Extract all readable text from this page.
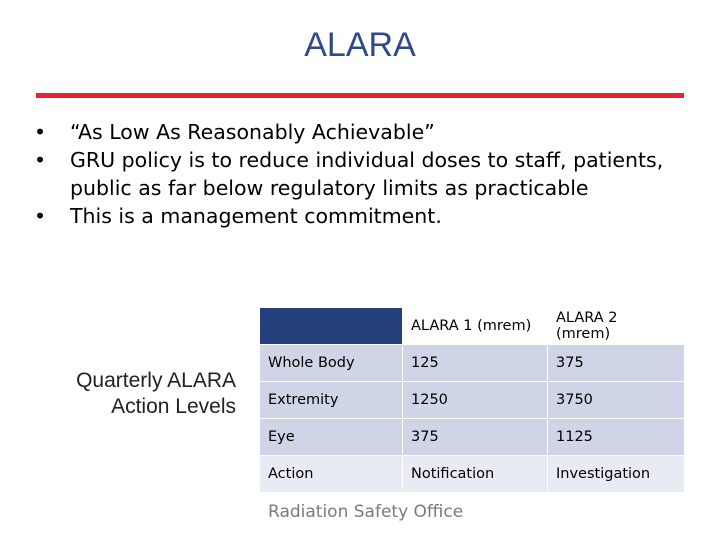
ALARA
•	“As Low As Reasonably Achievable”
•	GRU policy is to reduce individual doses to staff, patients, public as far below regulatory limits as practicable
•	This is a management commitment.
Quarterly ALARA
Action Levels
	ALARA 1 (mrem)	ALARA 2 (mrem)
Whole Body	125	375
Extremity	1250	3750
Eye	375	1125
Action	Notification	Investigation
Radiation Safety Office
